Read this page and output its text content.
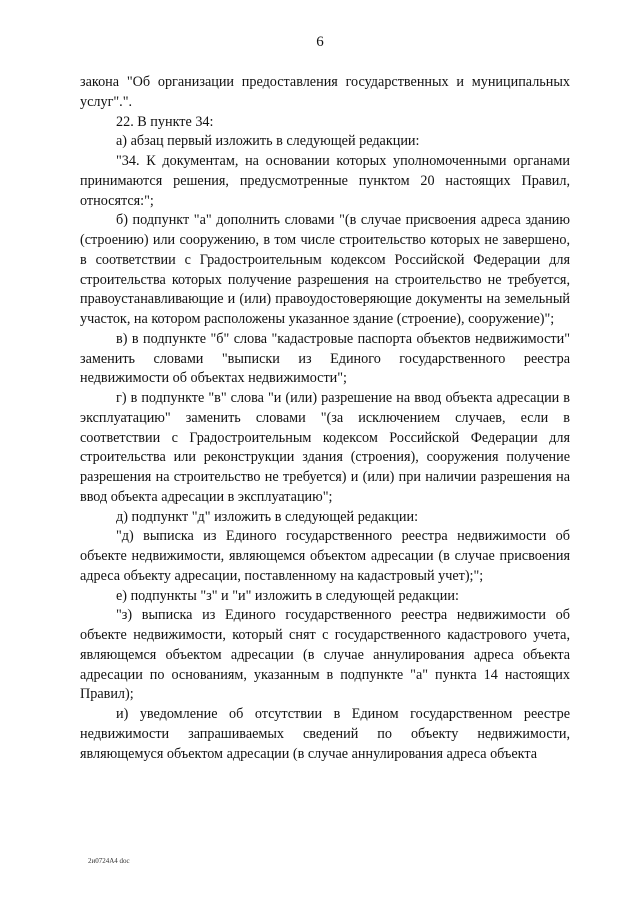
6

закона "Об организации предоставления государственных и муниципальных услуг".".

22. В пункте 34:

а) абзац первый изложить в следующей редакции:

"34. К документам, на основании которых уполномоченными органами принимаются решения, предусмотренные пунктом 20 настоящих Правил, относятся:";

б) подпункт "а" дополнить словами "(в случае присвоения адреса зданию (строению) или сооружению, в том числе строительство которых не завершено, в соответствии с Градостроительным кодексом Российской Федерации для строительства которых получение разрешения на строительство не требуется, правоустанавливающие и (или) правоудостоверяющие документы на земельный участок, на котором расположены указанное здание (строение), сооружение)";

в) в подпункте "б" слова "кадастровые паспорта объектов недвижимости" заменить словами "выписки из Единого государственного реестра недвижимости об объектах недвижимости";

г) в подпункте "в" слова "и (или) разрешение на ввод объекта адресации в эксплуатацию" заменить словами "(за исключением случаев, если в соответствии с Градостроительным кодексом Российской Федерации для строительства или реконструкции здания (строения), сооружения получение разрешения на строительство не требуется) и (или) при наличии разрешения на ввод объекта адресации в эксплуатацию";

д) подпункт "д" изложить в следующей редакции:

"д) выписка из Единого государственного реестра недвижимости об объекте недвижимости, являющемся объектом адресации (в случае присвоения адреса объекту адресации, поставленному на кадастровый учет);";

е) подпункты "з" и "и" изложить в следующей редакции:

"з) выписка из Единого государственного реестра недвижимости об объекте недвижимости, который снят с государственного кадастрового учета, являющемся объектом адресации (в случае аннулирования адреса объекта адресации по основаниям, указанным в подпункте "а" пункта 14 настоящих Правил);

и) уведомление об отсутствии в Едином государственном реестре недвижимости запрашиваемых сведений по объекту недвижимости, являющемуся объектом адресации (в случае аннулирования адреса объекта

2и0724А4 doc
